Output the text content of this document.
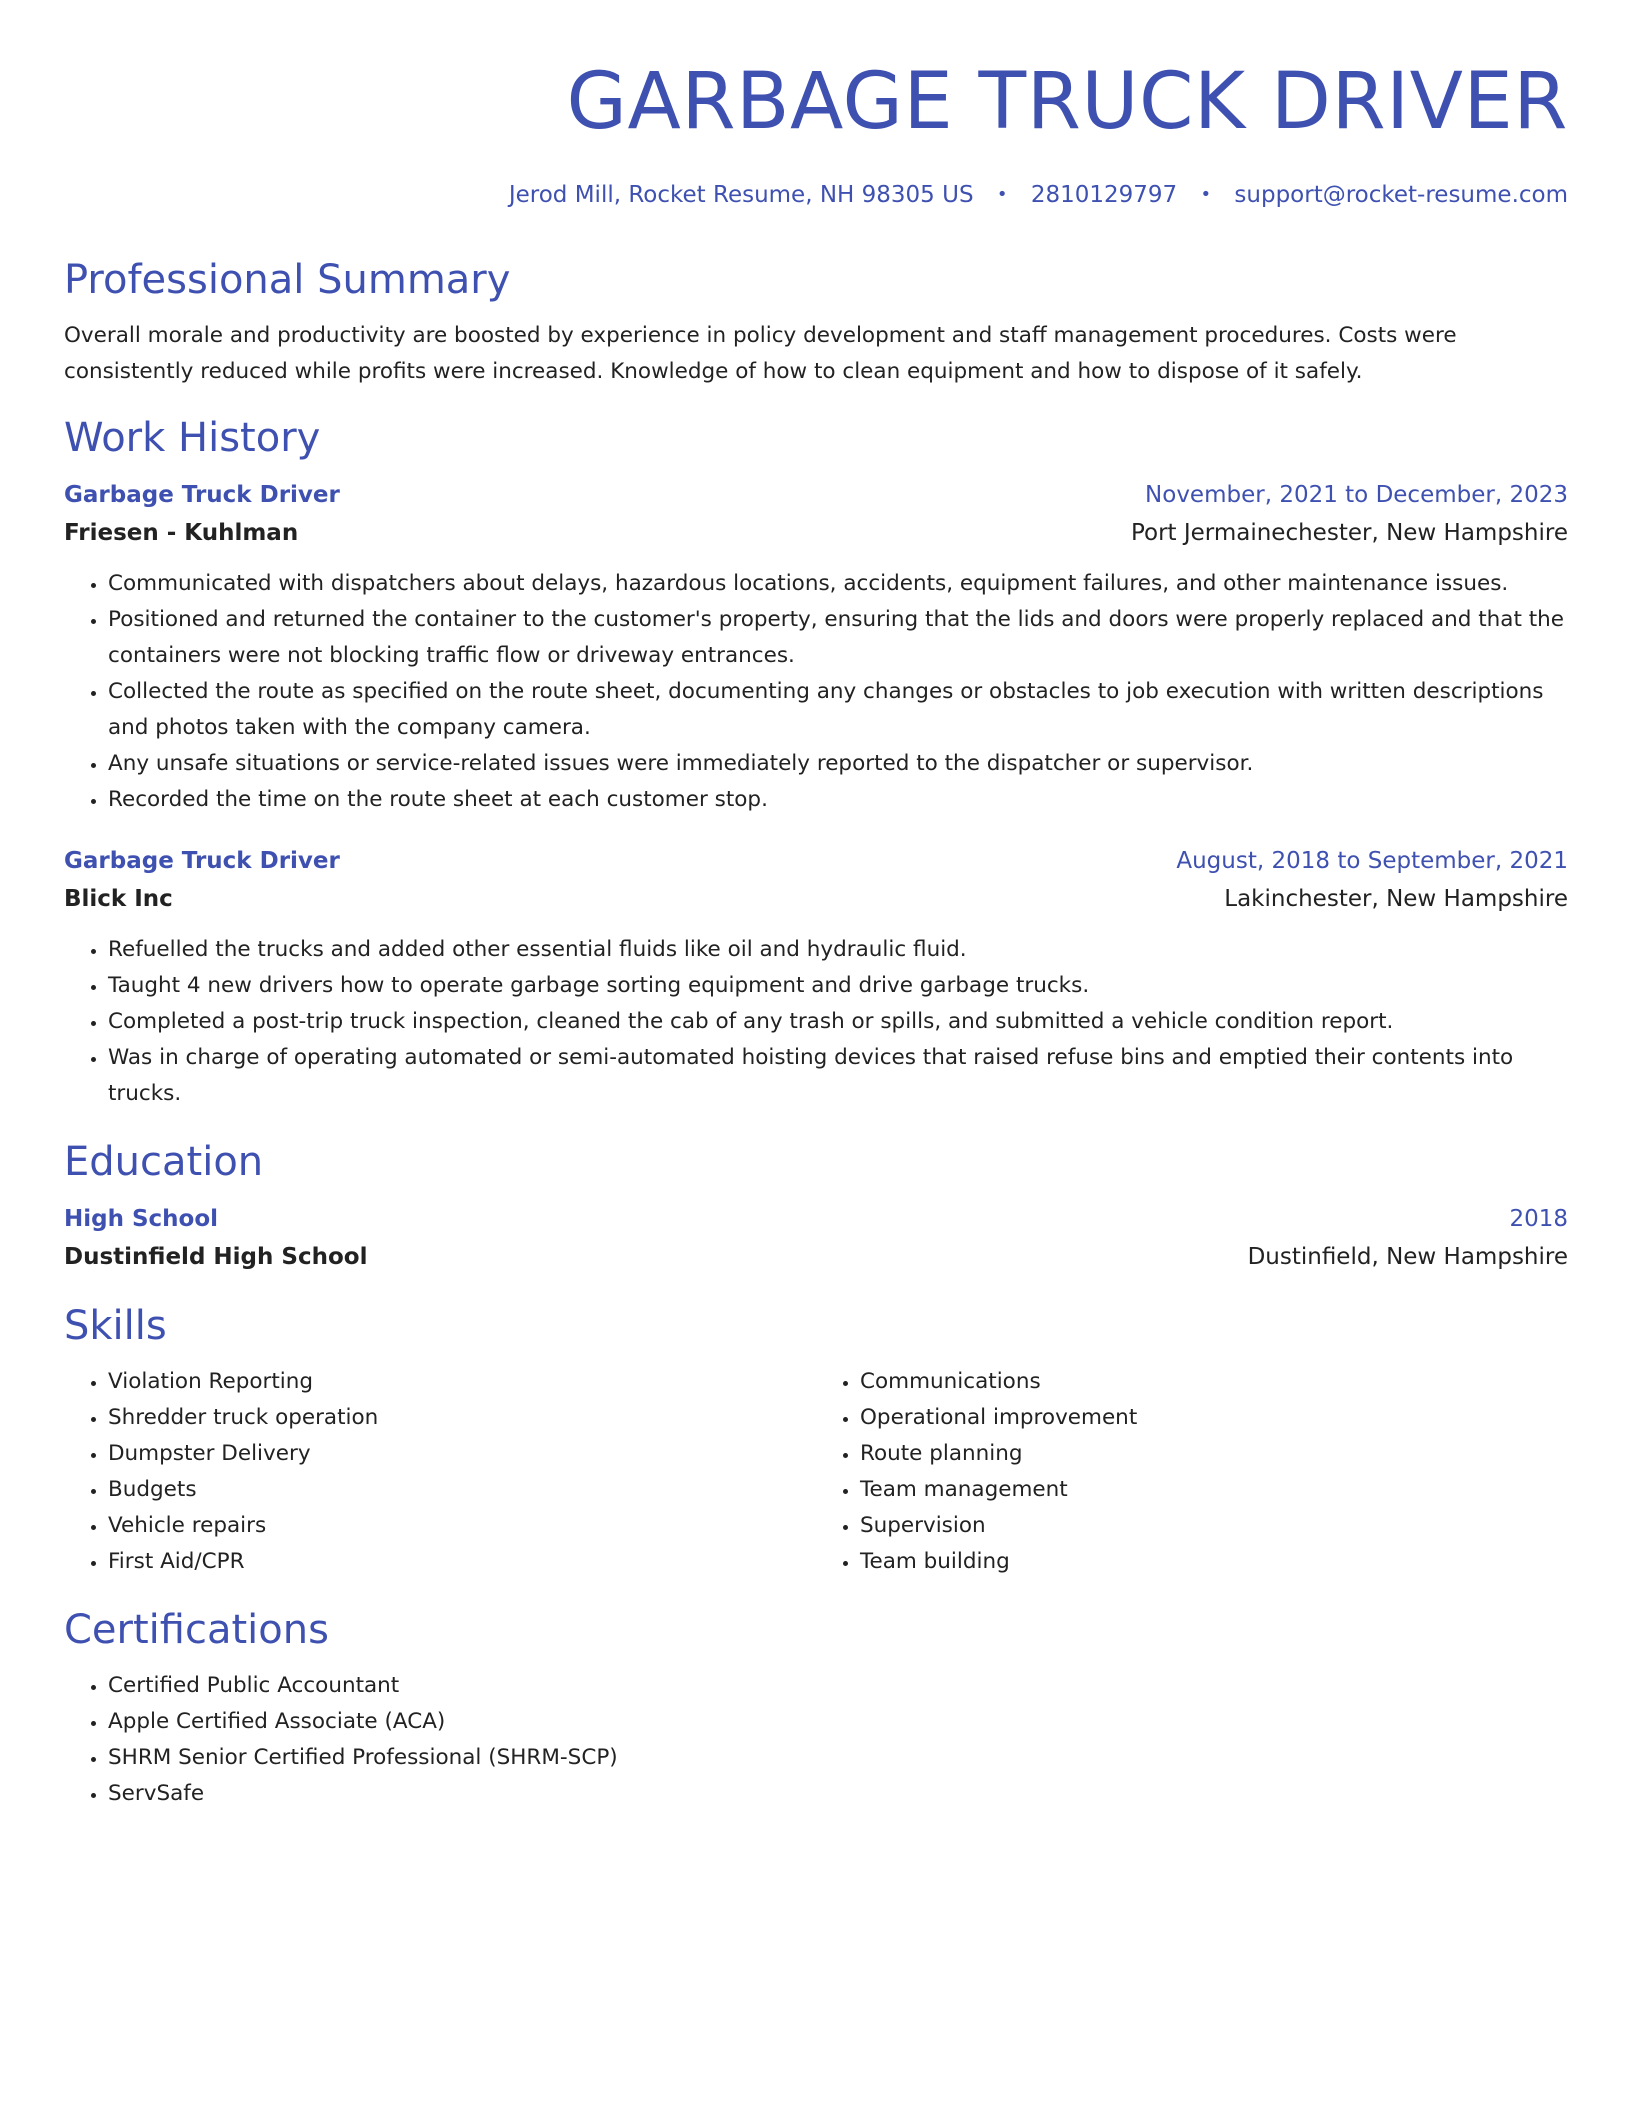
GARBAGE TRUCK DRIVER
Jerod Mill, Rocket Resume, NH 98305 US • 2810129797 • support@rocket-resume.com
Professional Summary

Overall morale and productivity are boosted by experience in policy development and staff management procedures. Costs were consistently reduced while profits were increased. Knowledge of how to clean equipment and how to dispose of it safely.

Work History
Garbage Truck Driver	November, 2021 to December, 2023
Friesen - Kuhlman	Port Jermainechester, New Hampshire
• Communicated with dispatchers about delays, hazardous locations, accidents, equipment failures, and other maintenance issues.
• Positioned and returned the container to the customer's property, ensuring that the lids and doors were properly replaced and that the containers were not blocking traffic flow or driveway entrances.
• Collected the route as specified on the route sheet, documenting any changes or obstacles to job execution with written descriptions and photos taken with the company camera.
• Any unsafe situations or service-related issues were immediately reported to the dispatcher or supervisor.
• Recorded the time on the route sheet at each customer stop.
Garbage Truck Driver	August, 2018 to September, 2021
Blick Inc	Lakinchester, New Hampshire
• Refuelled the trucks and added other essential fluids like oil and hydraulic fluid.
• Taught 4 new drivers how to operate garbage sorting equipment and drive garbage trucks.
• Completed a post-trip truck inspection, cleaned the cab of any trash or spills, and submitted a vehicle condition report.
• Was in charge of operating automated or semi-automated hoisting devices that raised refuse bins and emptied their contents into trucks.
Education
High School	2018
Dustinfield High School	Dustinfield, New Hampshire
Skills
• Violation Reporting
• Shredder truck operation
• Dumpster Delivery
• Budgets
• Vehicle repairs
• First Aid/CPR
• Communications
• Operational improvement
• Route planning
• Team management
• Supervision
• Team building
Certifications
• Certified Public Accountant
• Apple Certified Associate (ACA)
• SHRM Senior Certified Professional (SHRM-SCP)
• ServSafe
